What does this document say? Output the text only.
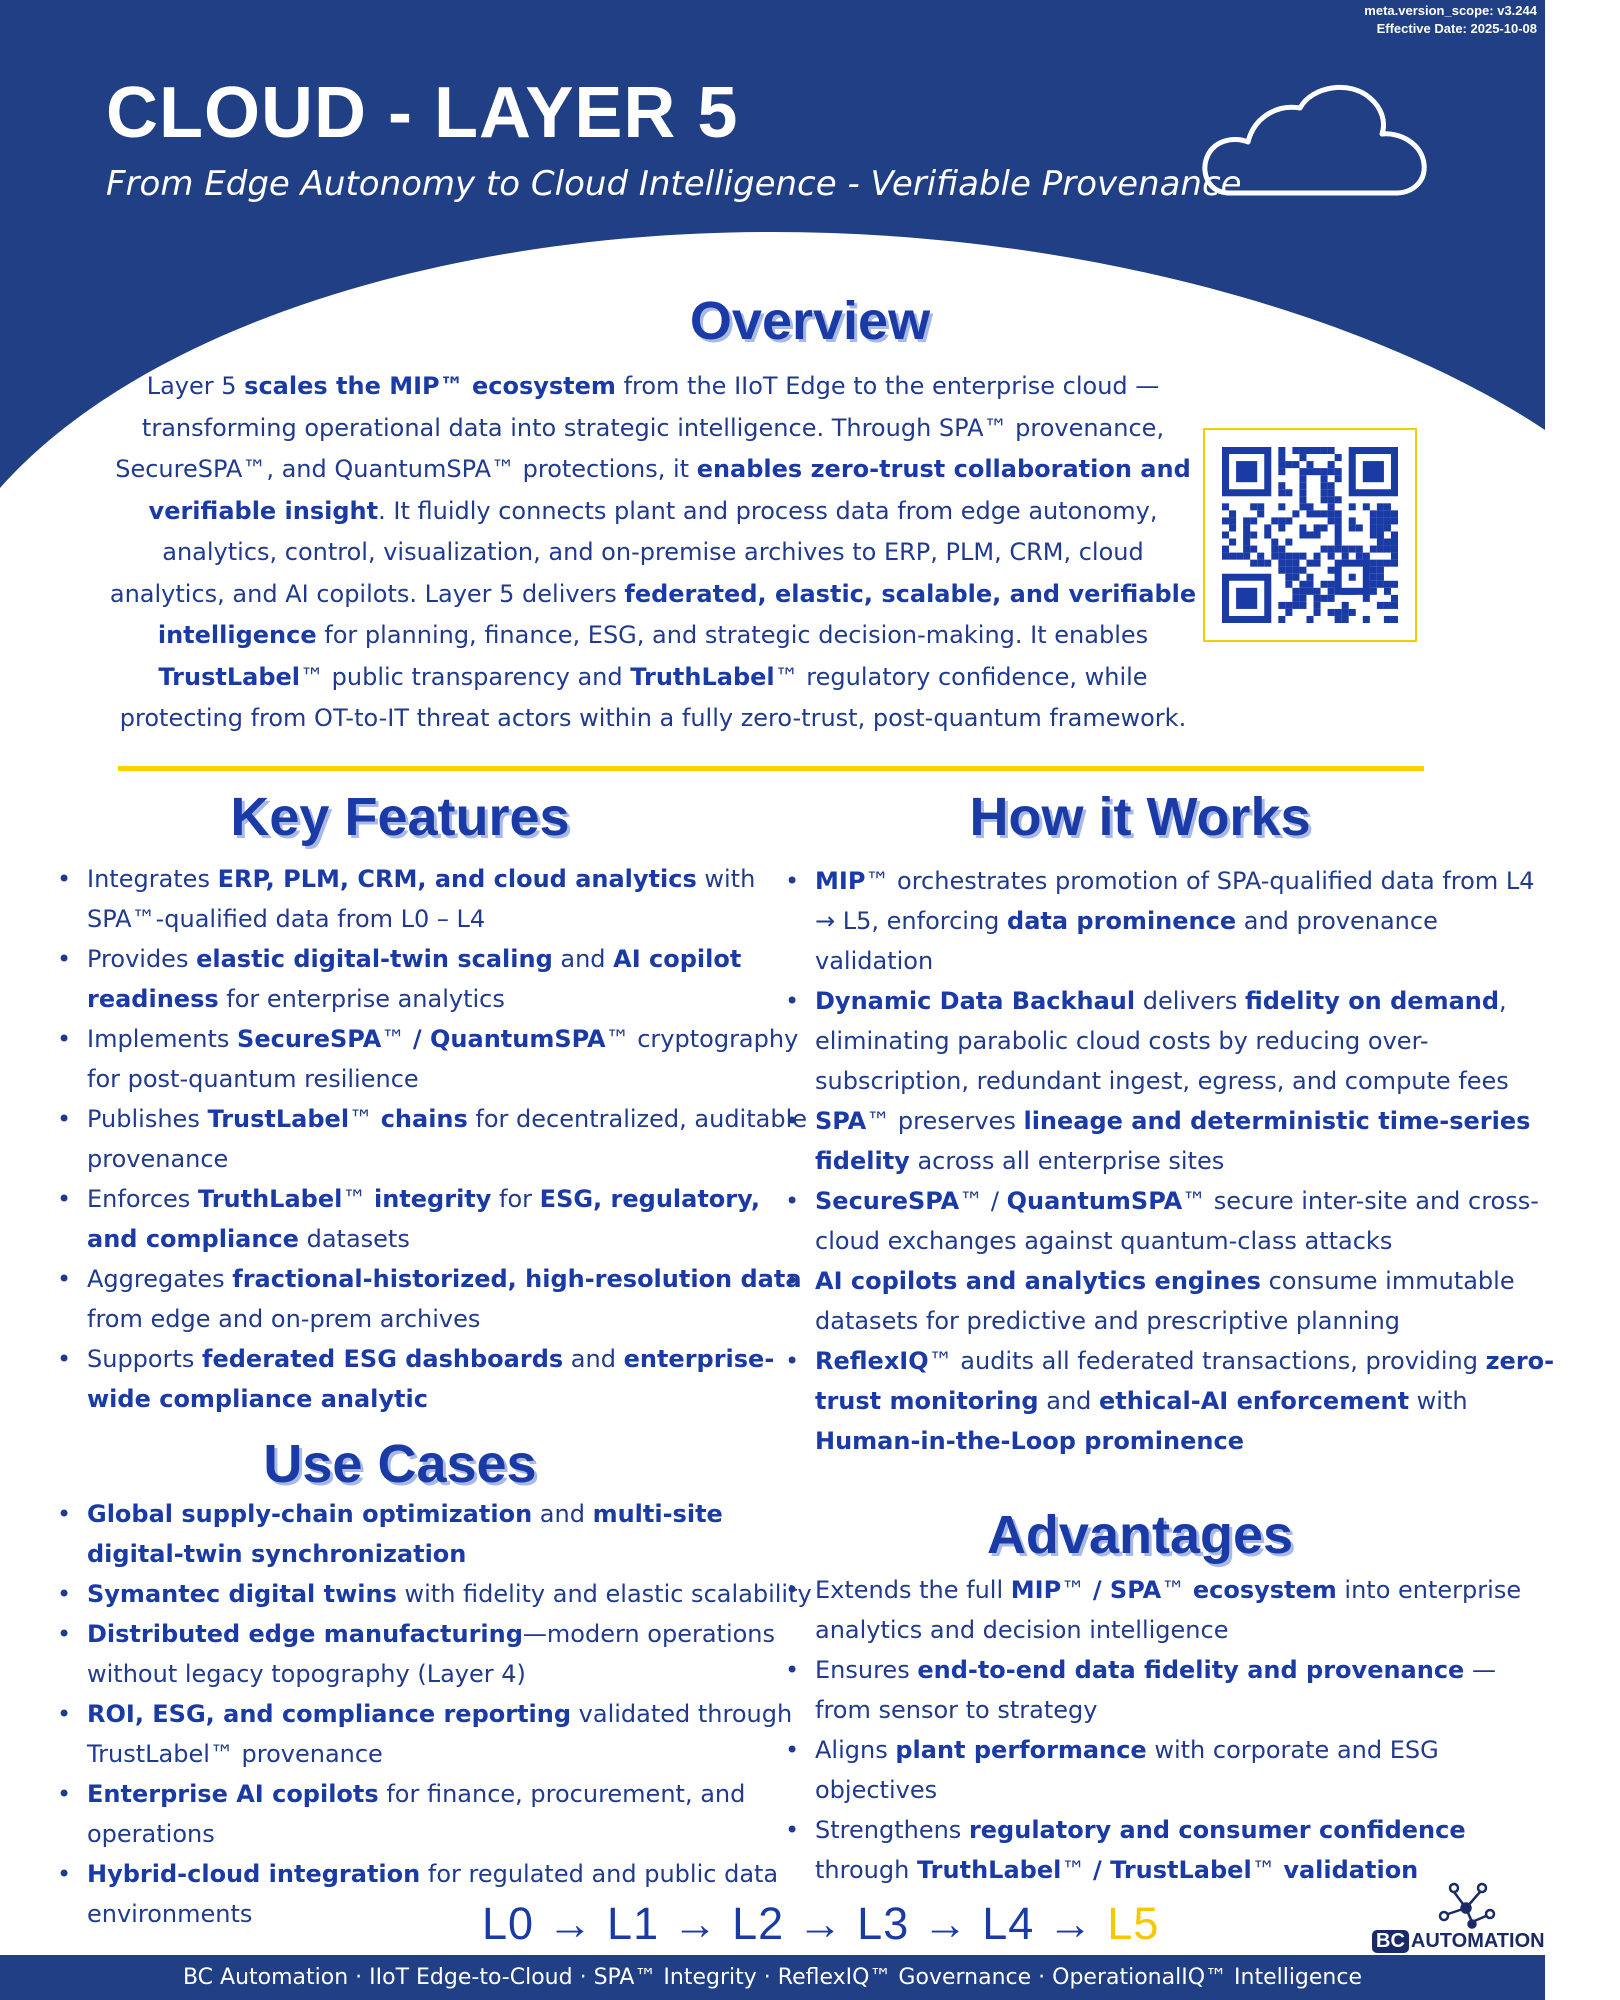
meta.version_scope: v3.244
Effective Date: 2025-10-08
CLOUD - LAYER 5

From Edge Autonomy to Cloud Intelligence - Verifiable Provenance

Overview

Layer 5 scales the MIP™ ecosystem from the IIoT Edge to the enterprise cloud — transforming operational data into strategic intelligence. Through SPA™ provenance, SecureSPA™, and QuantumSPA™ protections, it enables zero-trust collaboration and verifiable insight. It fluidly connects plant and process data from edge autonomy, analytics, control, visualization, and on-premise archives to ERP, PLM, CRM, cloud analytics, and AI copilots. Layer 5 delivers federated, elastic, scalable, and verifiable intelligence for planning, finance, ESG, and strategic decision-making. It enables TrustLabel™ public transparency and TruthLabel™ regulatory confidence, while protecting from OT-to-IT threat actors within a fully zero-trust, post-quantum framework.

Key Features
• Integrates ERP, PLM, CRM, and cloud analytics with SPA™-qualified data from L0 – L4
• Provides elastic digital-twin scaling and AI copilot readiness for enterprise analytics
• Implements SecureSPA™ / QuantumSPA™ cryptography for post-quantum resilience
• Publishes TrustLabel™ chains for decentralized, auditable provenance
• Enforces TruthLabel™ integrity for ESG, regulatory, and compliance datasets
• Aggregates fractional-historized, high-resolution data from edge and on-prem archives
• Supports federated ESG dashboards and enterprise-wide compliance analytic
How it Works
• MIP™ orchestrates promotion of SPA-qualified data from L4 → L5, enforcing data prominence and provenance validation
• Dynamic Data Backhaul delivers fidelity on demand, eliminating parabolic cloud costs by reducing over-subscription, redundant ingest, egress, and compute fees
• SPA™ preserves lineage and deterministic time-series fidelity across all enterprise sites
• SecureSPA™ / QuantumSPA™ secure inter-site and cross-cloud exchanges against quantum-class attacks
• AI copilots and analytics engines consume immutable datasets for predictive and prescriptive planning
• ReflexIQ™ audits all federated transactions, providing zero-trust monitoring and ethical-AI enforcement with Human-in-the-Loop prominence
Use Cases
• Global supply-chain optimization and multi-site digital-twin synchronization
• Symantec digital twins with fidelity and elastic scalability
• Distributed edge manufacturing—modern operations without legacy topography (Layer 4)
• ROI, ESG, and compliance reporting validated through TrustLabel™ provenance
• Enterprise AI copilots for finance, procurement, and operations
• Hybrid-cloud integration for regulated and public data environments
Advantages
• Extends the full MIP™ / SPA™ ecosystem into enterprise analytics and decision intelligence
• Ensures end-to-end data fidelity and provenance — from sensor to strategy
• Aligns plant performance with corporate and ESG objectives
• Strengthens regulatory and consumer confidence through TruthLabel™ / TrustLabel™ validation

L0 → L1 → L2 → L3 → L4 → L5	BC AUTOMATION

BC Automation · IIoT Edge-to-Cloud · SPA™ Integrity · ReflexIQ™ Governance · OperationalIQ™ Intelligence
